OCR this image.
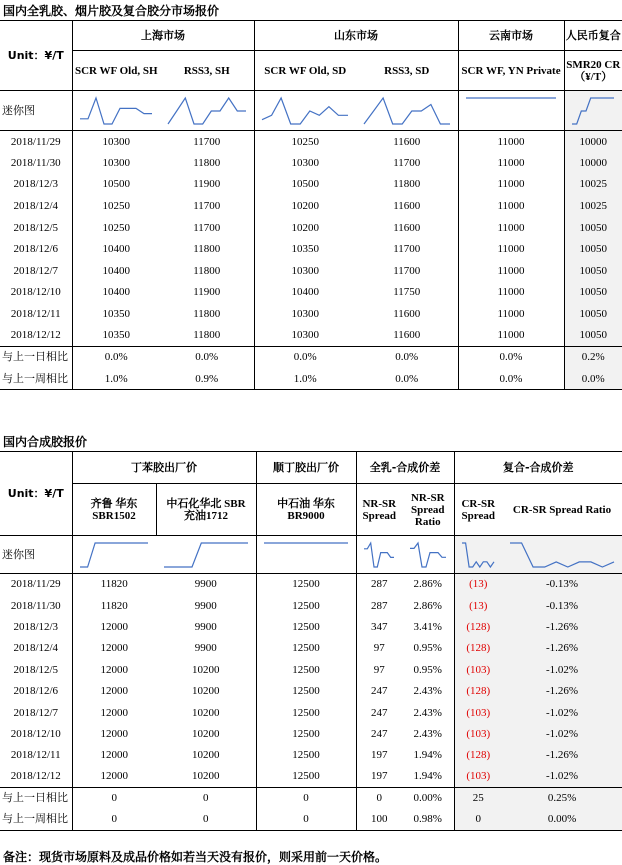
国内全乳胶、烟片胶及复合胶分市场报价
Unit：¥/T	上海市场		山东市场		云南市场	人民币复合
	SCR WF Old, SH	RSS3, SH	SCR WF Old, SD	RSS3, SD	SCR WF, YN Private	SMR20 CR（¥/T）
迷你图	

2018/11/29	10300	11700	10250	11600	11000	10000
2018/11/30	10300	11800	10300	11700	11000	10000
2018/12/3	10500	11900	10500	11800	11000	10025
2018/12/4	10250	11700	10200	11600	11000	10025
2018/12/5	10250	11700	10200	11600	11000	10050
2018/12/6	10400	11800	10350	11700	11000	10050
2018/12/7	10400	11800	10300	11700	11000	10050
2018/12/10	10400	11900	10400	11750	11000	10050
2018/12/11	10350	11800	10300	11600	11000	10050
2018/12/12	10350	11800	10300	11600	11000	10050
与上一日相比	0.0%	0.0%	0.0%	0.0%	0.0%	0.2%
与上一周相比	1.0%	0.9%	1.0%	0.0%	0.0%	0.0%
国内合成胶报价
Unit：¥/T	丁苯胶出厂价		顺丁胶出厂价	全乳-合成价差		复合-合成价差	
	齐鲁 华东 SBR1502	中石化华北 SBR 充油1712	中石油 华东 BR9000	NR-SR Spread	NR-SR Spread Ratio	CR-SR Spread	CR-SR Spread Ratio
迷你图	

2018/11/29	11820	9900	12500	287	2.86%	(13)	-0.13%
2018/11/30	11820	9900	12500	287	2.86%	(13)	-0.13%
2018/12/3	12000	9900	12500	347	3.41%	(128)	-1.26%
2018/12/4	12000	9900	12500	97	0.95%	(128)	-1.26%
2018/12/5	12000	10200	12500	97	0.95%	(103)	-1.02%
2018/12/6	12000	10200	12500	247	2.43%	(128)	-1.26%
2018/12/7	12000	10200	12500	247	2.43%	(103)	-1.02%
2018/12/10	12000	10200	12500	247	2.43%	(103)	-1.02%
2018/12/11	12000	10200	12500	197	1.94%	(128)	-1.26%
2018/12/12	12000	10200	12500	197	1.94%	(103)	-1.02%
与上一日相比	0	0	0	0	0.00%	25	0.25%
与上一周相比	0	0	0	100	0.98%	0	0.00%
备注：现货市场原料及成品价格如若当天没有报价，则采用前一天价格。
